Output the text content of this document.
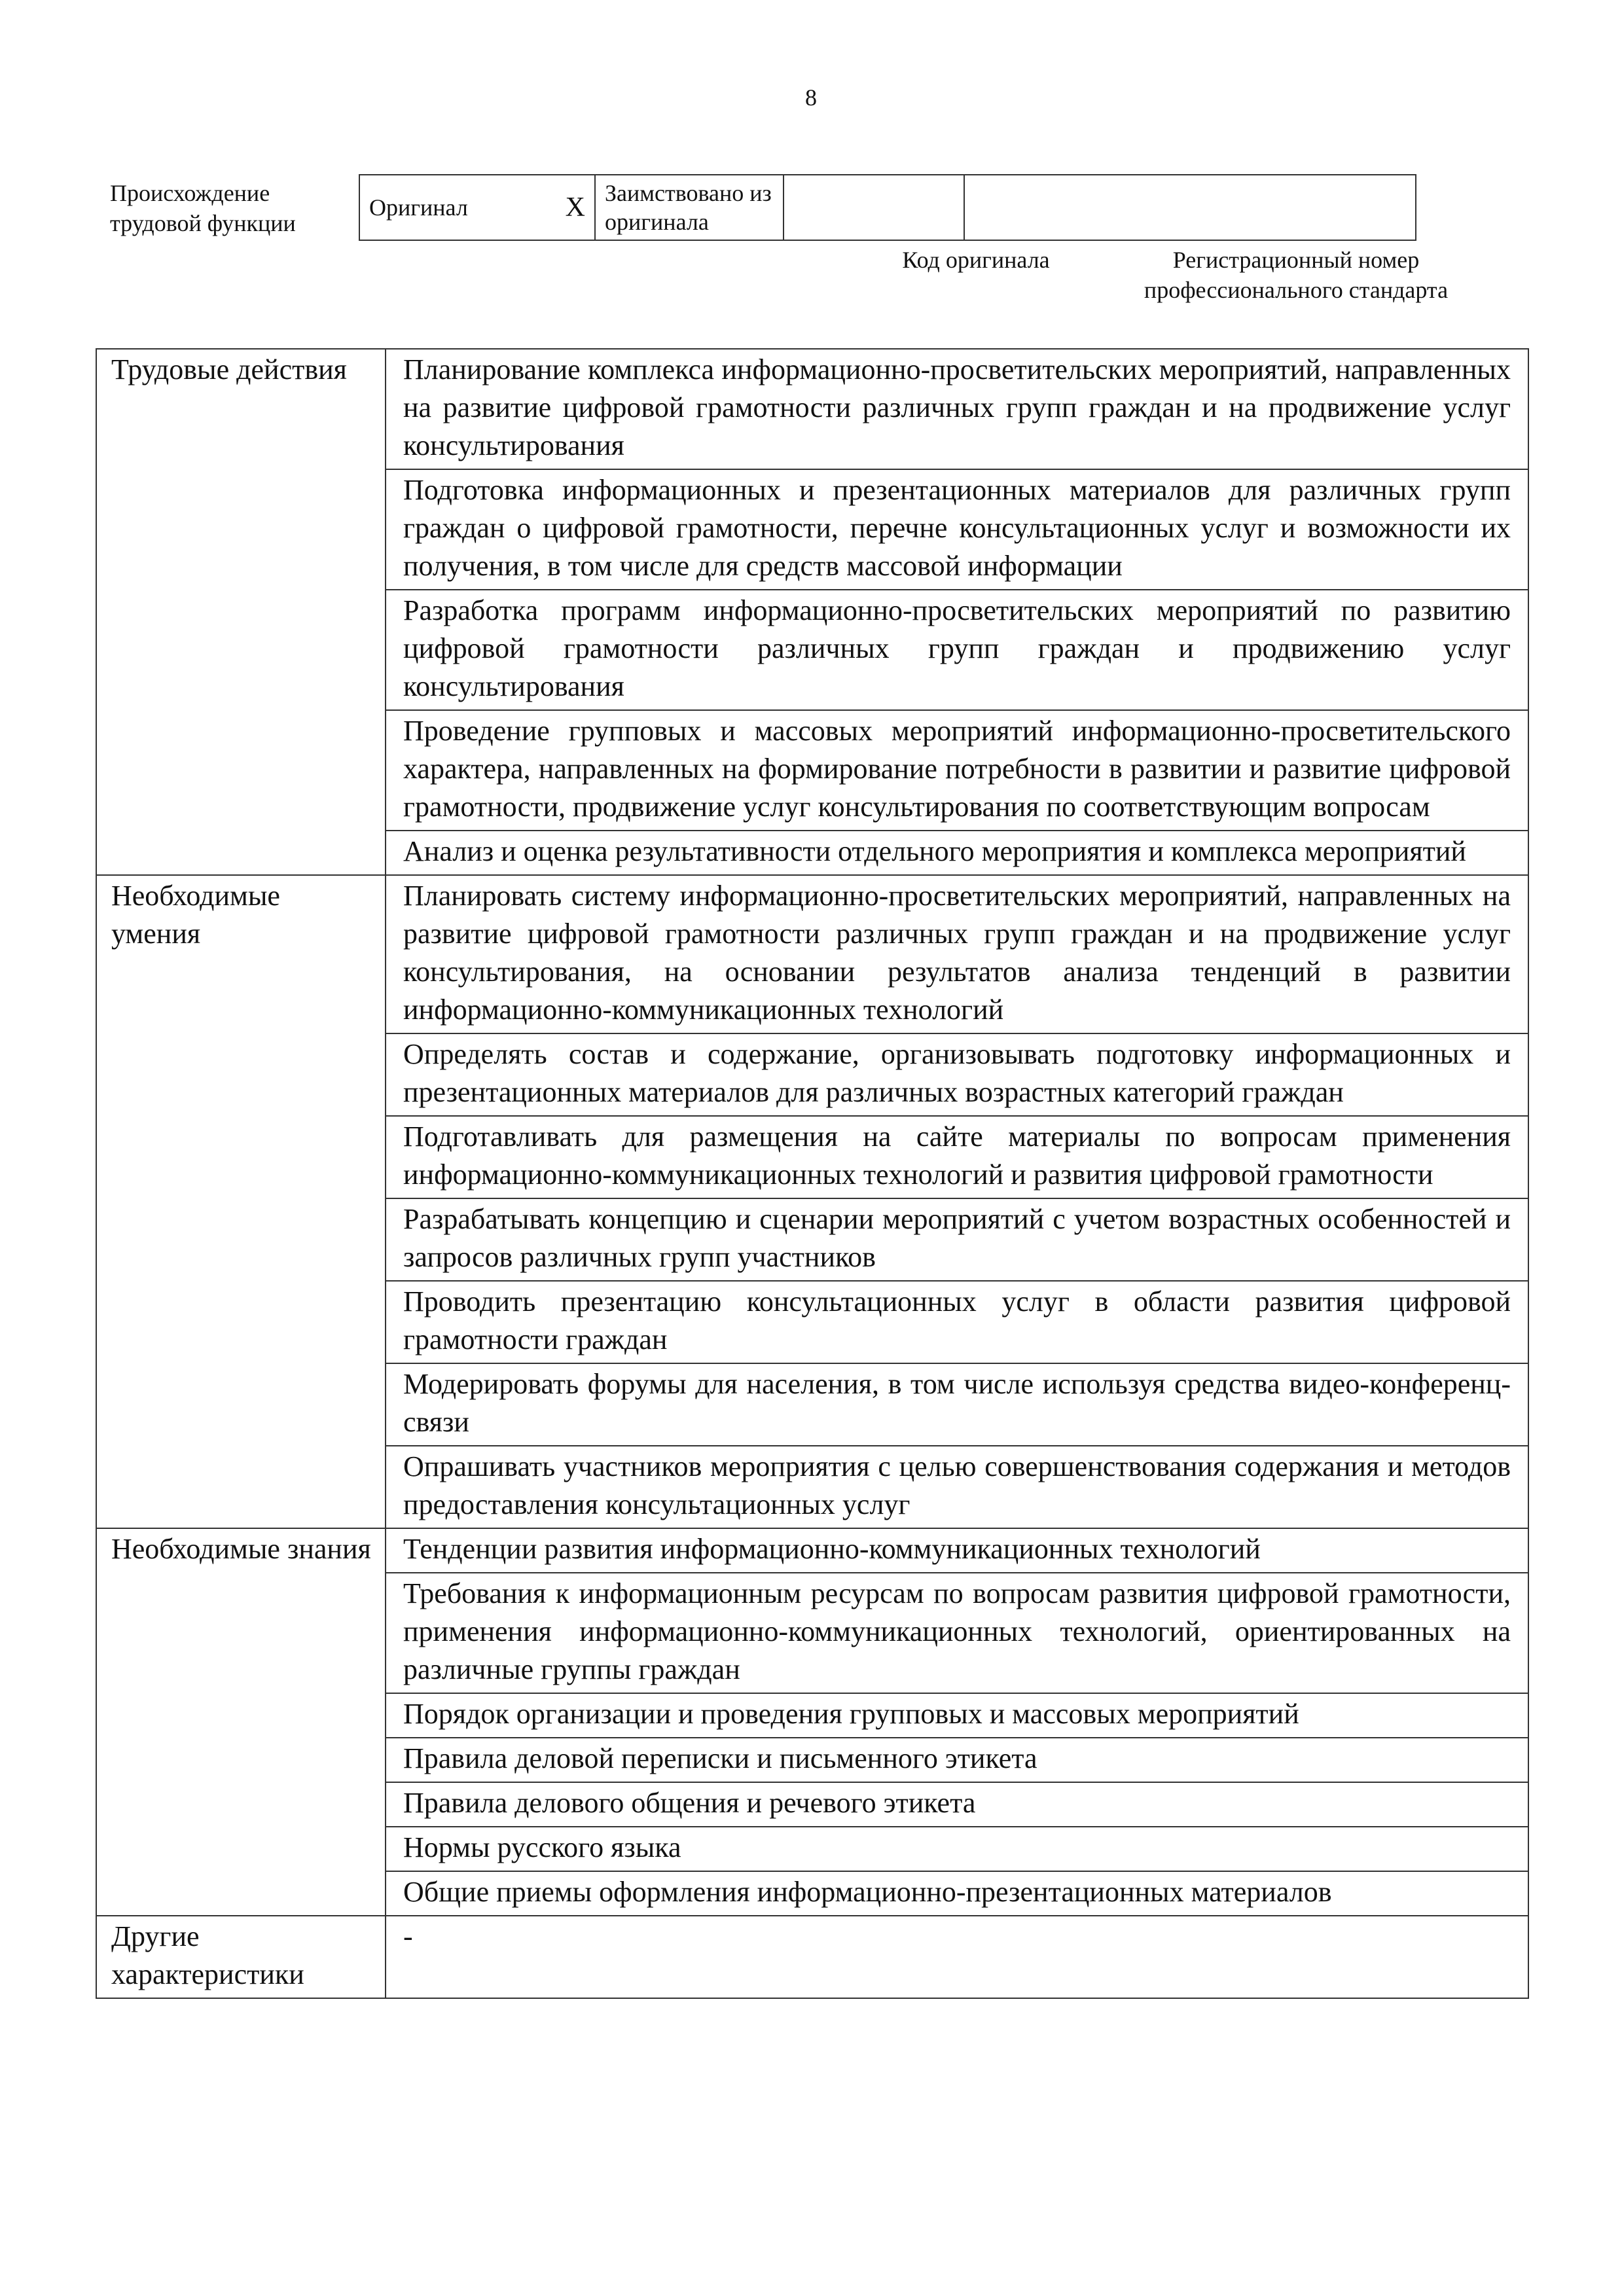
8
Происхождение трудовой функции
Оригинал	X	Заимствовано из оригинала		
Код оригинала	Регистрационный номер профессионального стандарта
Трудовые действия	Планирование комплекса информационно-просветительских мероприятий, направленных на развитие цифровой грамотности различных групп граждан и на продвижение услуг консультирования
	Подготовка информационных и презентационных материалов для различных групп граждан о цифровой грамотности, перечне консультационных услуг и возможности их получения, в том числе для средств массовой информации
	Разработка программ информационно-просветительских мероприятий по развитию цифровой грамотности различных групп граждан и продвижению услуг консультирования
	Проведение групповых и массовых мероприятий информационно-просветительского характера, направленных на формирование потребности в развитии и развитие цифровой грамотности, продвижение услуг консультирования по соответствующим вопросам
	Анализ и оценка результативности отдельного мероприятия и комплекса мероприятий
Необходимые умения	Планировать систему информационно-просветительских мероприятий, направленных на развитие цифровой грамотности различных групп граждан и на продвижение услуг консультирования, на основании результатов анализа тенденций в развитии информационно-коммуникационных технологий
	Определять состав и содержание, организовывать подготовку информационных и презентационных материалов для различных возрастных категорий граждан
	Подготавливать для размещения на сайте материалы по вопросам применения информационно-коммуникационных технологий и развития цифровой грамотности
	Разрабатывать концепцию и сценарии мероприятий с учетом возрастных особенностей и запросов различных групп участников
	Проводить презентацию консультационных услуг в области развития цифровой грамотности граждан
	Модерировать форумы для населения, в том числе используя средства видео-конференц-связи
	Опрашивать участников мероприятия с целью совершенствования содержания и методов предоставления консультационных услуг
Необходимые знания	Тенденции развития информационно-коммуникационных технологий
	Требования к информационным ресурсам по вопросам развития цифровой грамотности, применения информационно-коммуникационных технологий, ориентированных на различные группы граждан
	Порядок организации и проведения групповых и массовых мероприятий
	Правила деловой переписки и письменного этикета
	Правила делового общения и речевого этикета
	Нормы русского языка
	Общие приемы оформления информационно-презентационных материалов
Другие характеристики	-
